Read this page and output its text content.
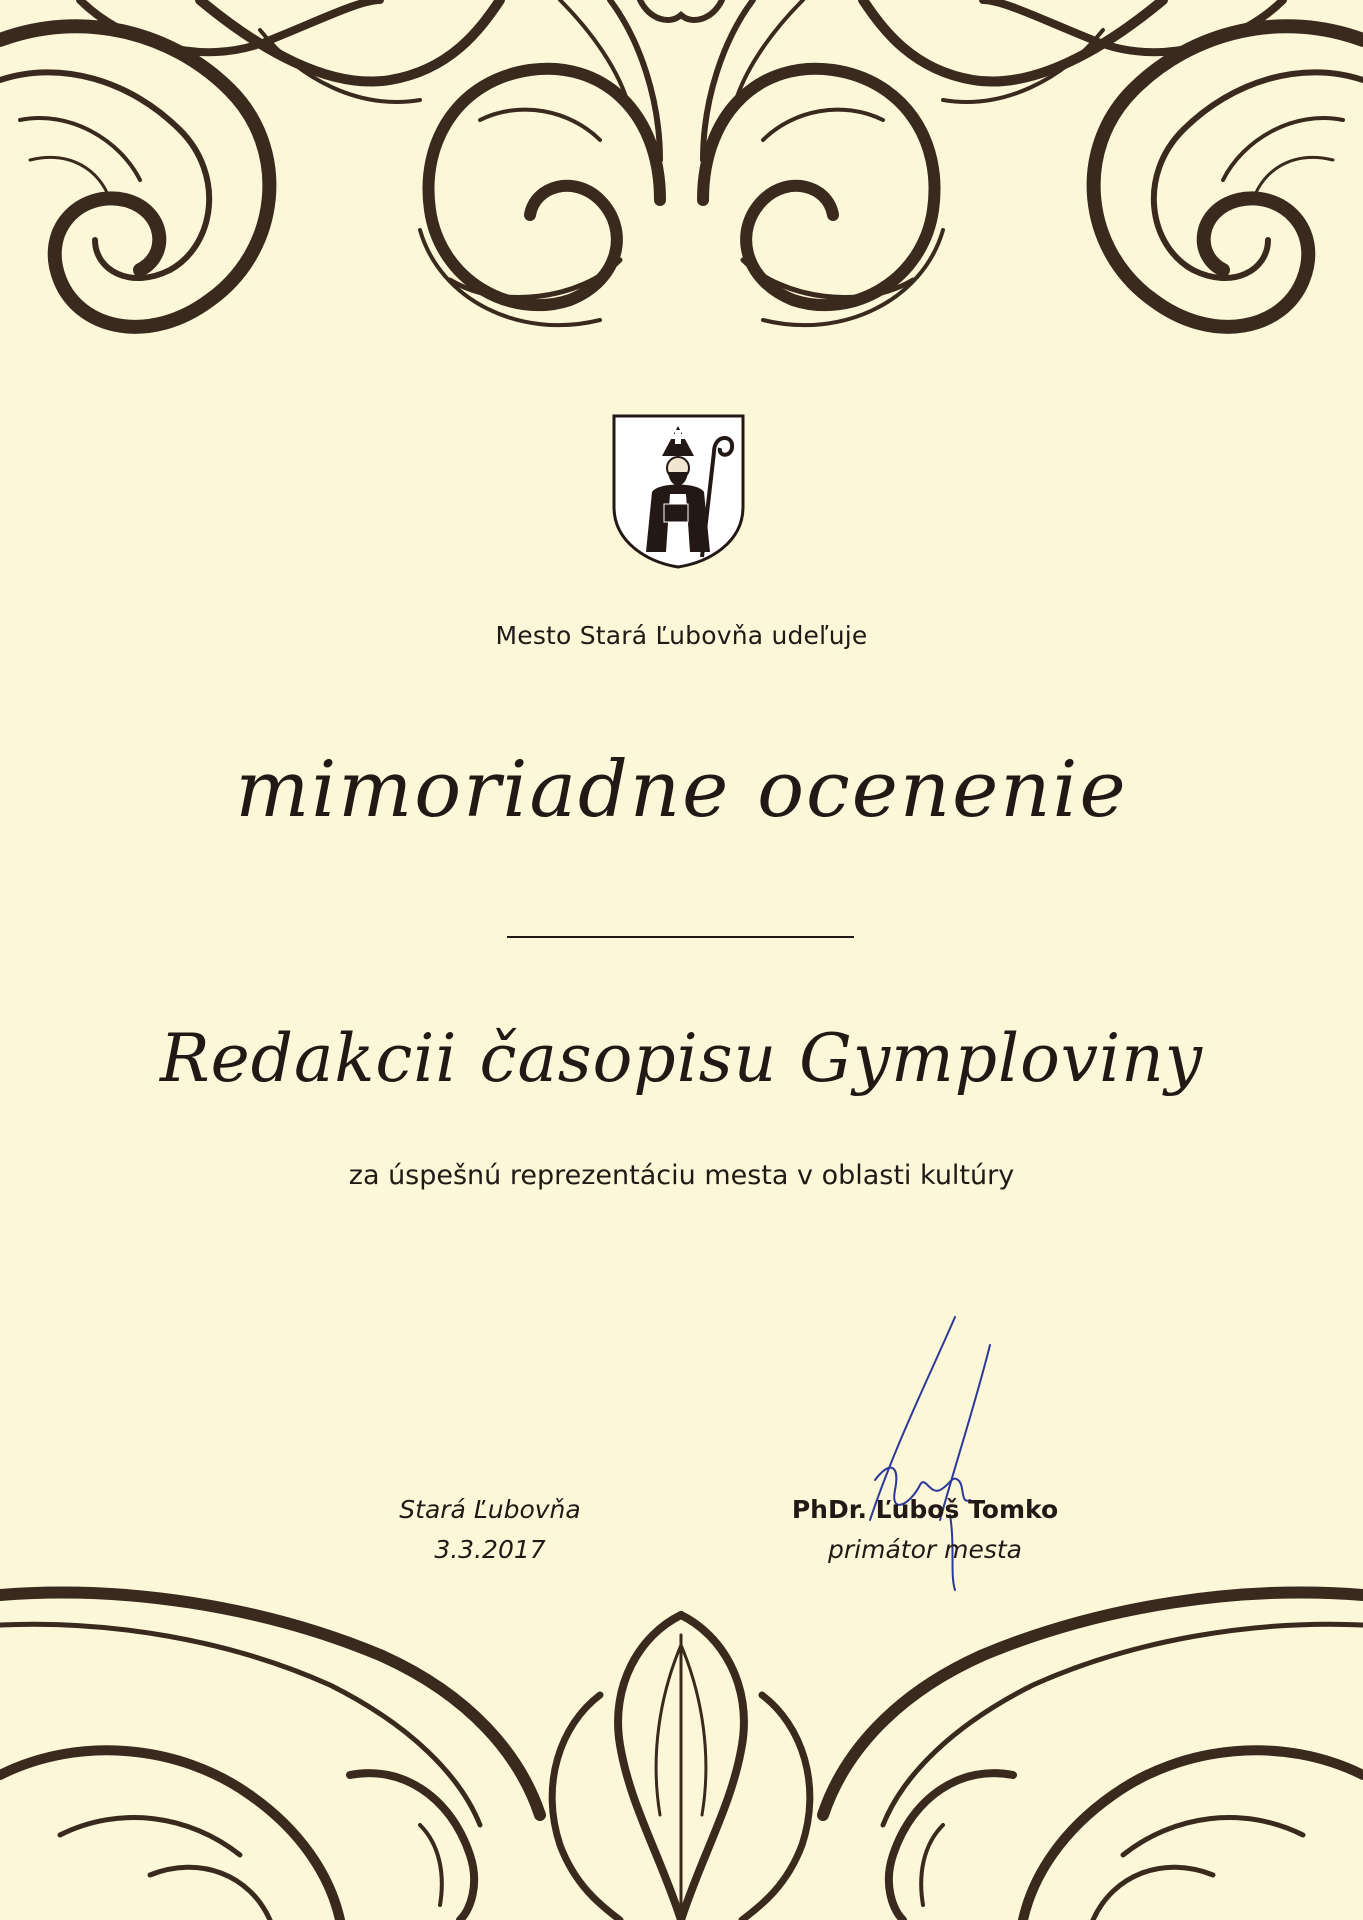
Mesto Stará Ľubovňa udeľuje
mimoriadne ocenenie
Redakcii časopisu Gymploviny
za úspešnú reprezentáciu mesta v oblasti kultúry
Stará Ľubovňa
3.3.2017
PhDr. Ľuboš Tomko
primátor mesta
